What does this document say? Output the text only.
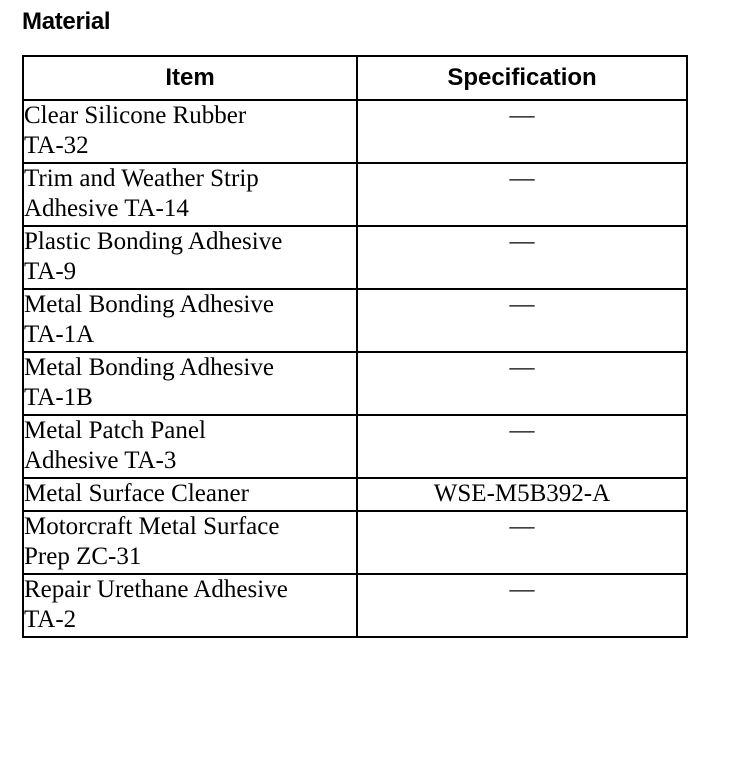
Material
Item	Specification

Clear Silicone Rubber
TA-32	—

Trim and Weather Strip
Adhesive TA-14	—

Plastic Bonding Adhesive
TA-9	—

Metal Bonding Adhesive
TA-1A	—

Metal Bonding Adhesive
TA-1B	—

Metal Patch Panel
Adhesive TA-3	—

Metal Surface Cleaner	WSE-M5B392-A

Motorcraft Metal Surface
Prep ZC-31	—

Repair Urethane Adhesive
TA-2	—
